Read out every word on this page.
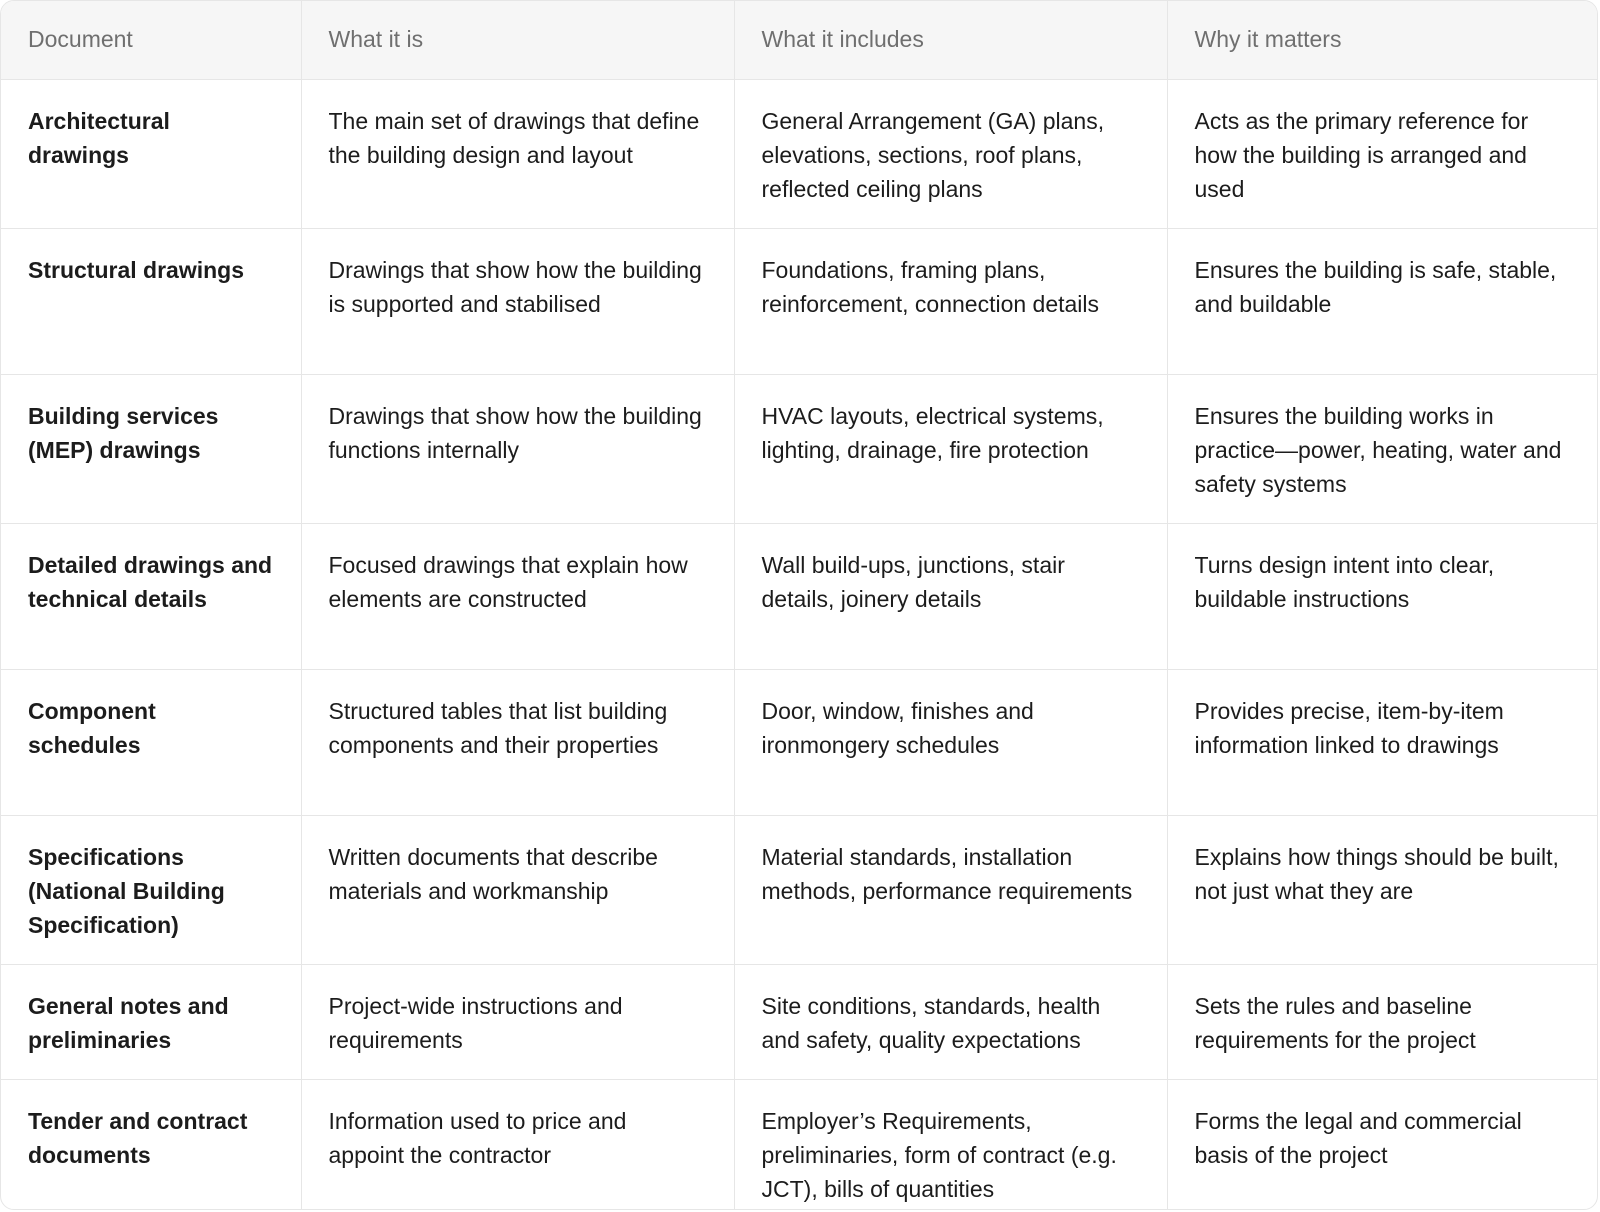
Document	What it is	What it includes	Why it matters
Architectural drawings	The main set of drawings that define the building design and layout	General Arrangement (GA) plans, elevations, sections, roof plans, reflected ceiling plans	Acts as the primary reference for how the building is arranged and used
Structural drawings	Drawings that show how the building is supported and stabilised	Foundations, framing plans, reinforcement, connection details	Ensures the building is safe, stable, and buildable
Building services (MEP) drawings	Drawings that show how the building functions internally	HVAC layouts, electrical systems, lighting, drainage, fire protection	Ensures the building works in practice—power, heating, water and safety systems
Detailed drawings and technical details	Focused drawings that explain how elements are constructed	Wall build-ups, junctions, stair details, joinery details	Turns design intent into clear, buildable instructions
Component schedules	Structured tables that list building components and their properties	Door, window, finishes and ironmongery schedules	Provides precise, item-by-item information linked to drawings
Specifications (National Building Specification)	Written documents that describe materials and workmanship	Material standards, installation methods, performance requirements	Explains how things should be built, not just what they are
General notes and preliminaries	Project-wide instructions and requirements	Site conditions, standards, health and safety, quality expectations	Sets the rules and baseline requirements for the project
Tender and contract documents	Information used to price and appoint the contractor	Employer’s Requirements, preliminaries, form of contract (e.g. JCT), bills of quantities	Forms the legal and commercial basis of the project
